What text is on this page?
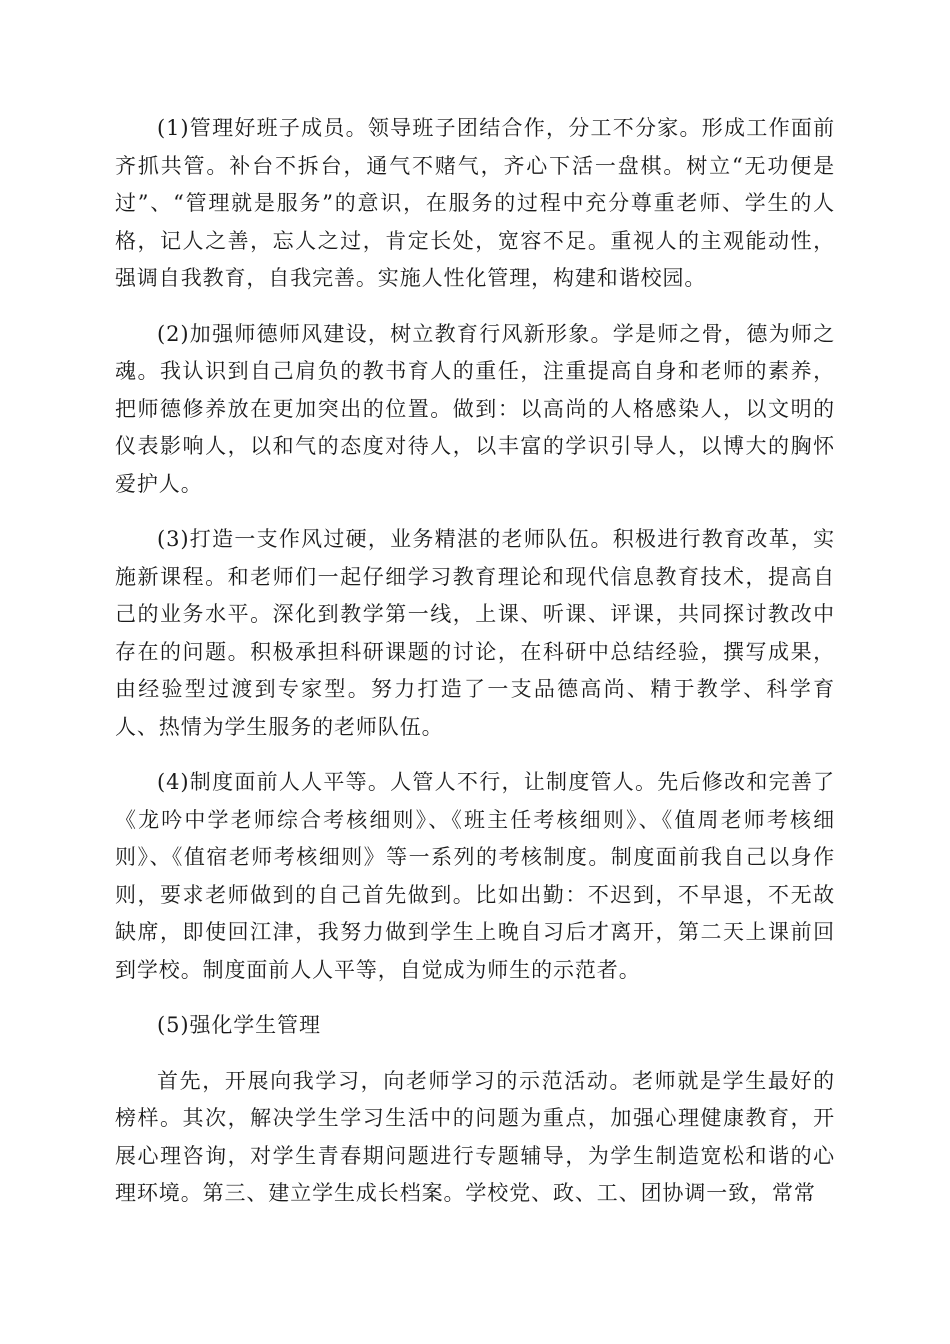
(1)管理好班子成员。领导班子团结合作，分工不分家。形成工作面前齐抓共管。补台不拆台，通气不赌气，齐心下活一盘棋。树立“无功便是过”、“管理就是服务”的意识，在服务的过程中充分尊重老师、学生的人格，记人之善，忘人之过，肯定长处，宽容不足。重视人的主观能动性，强调自我教育，自我完善。实施人性化管理，构建和谐校园。

(2)加强师德师风建设，树立教育行风新形象。学是师之骨，德为师之魂。我认识到自己肩负的教书育人的重任，注重提高自身和老师的素养，把师德修养放在更加突出的位置。做到：以高尚的人格感染人，以文明的仪表影响人，以和气的态度对待人，以丰富的学识引导人，以博大的胸怀爱护人。

(3)打造一支作风过硬，业务精湛的老师队伍。积极进行教育改革，实施新课程。和老师们一起仔细学习教育理论和现代信息教育技术，提高自己的业务水平。深化到教学第一线，上课、听课、评课，共同探讨教改中存在的问题。积极承担科研课题的讨论，在科研中总结经验，撰写成果，由经验型过渡到专家型。努力打造了一支品德高尚、精于教学、科学育人、热情为学生服务的老师队伍。

(4)制度面前人人平等。人管人不行，让制度管人。先后修改和完善了《龙吟中学老师综合考核细则》、《班主任考核细则》、《值周老师考核细则》、《值宿老师考核细则》等一系列的考核制度。制度面前我自己以身作则，要求老师做到的自己首先做到。比如出勤：不迟到，不早退，不无故缺席，即使回江津，我努力做到学生上晚自习后才离开，第二天上课前回到学校。制度面前人人平等，自觉成为师生的示范者。

(5)强化学生管理

首先，开展向我学习，向老师学习的示范活动。老师就是学生最好的榜样。其次，解决学生学习生活中的问题为重点，加强心理健康教育，开展心理咨询，对学生青春期问题进行专题辅导，为学生制造宽松和谐的心理环境。第三、建立学生成长档案。学校党、政、工、团协调一致，常常
